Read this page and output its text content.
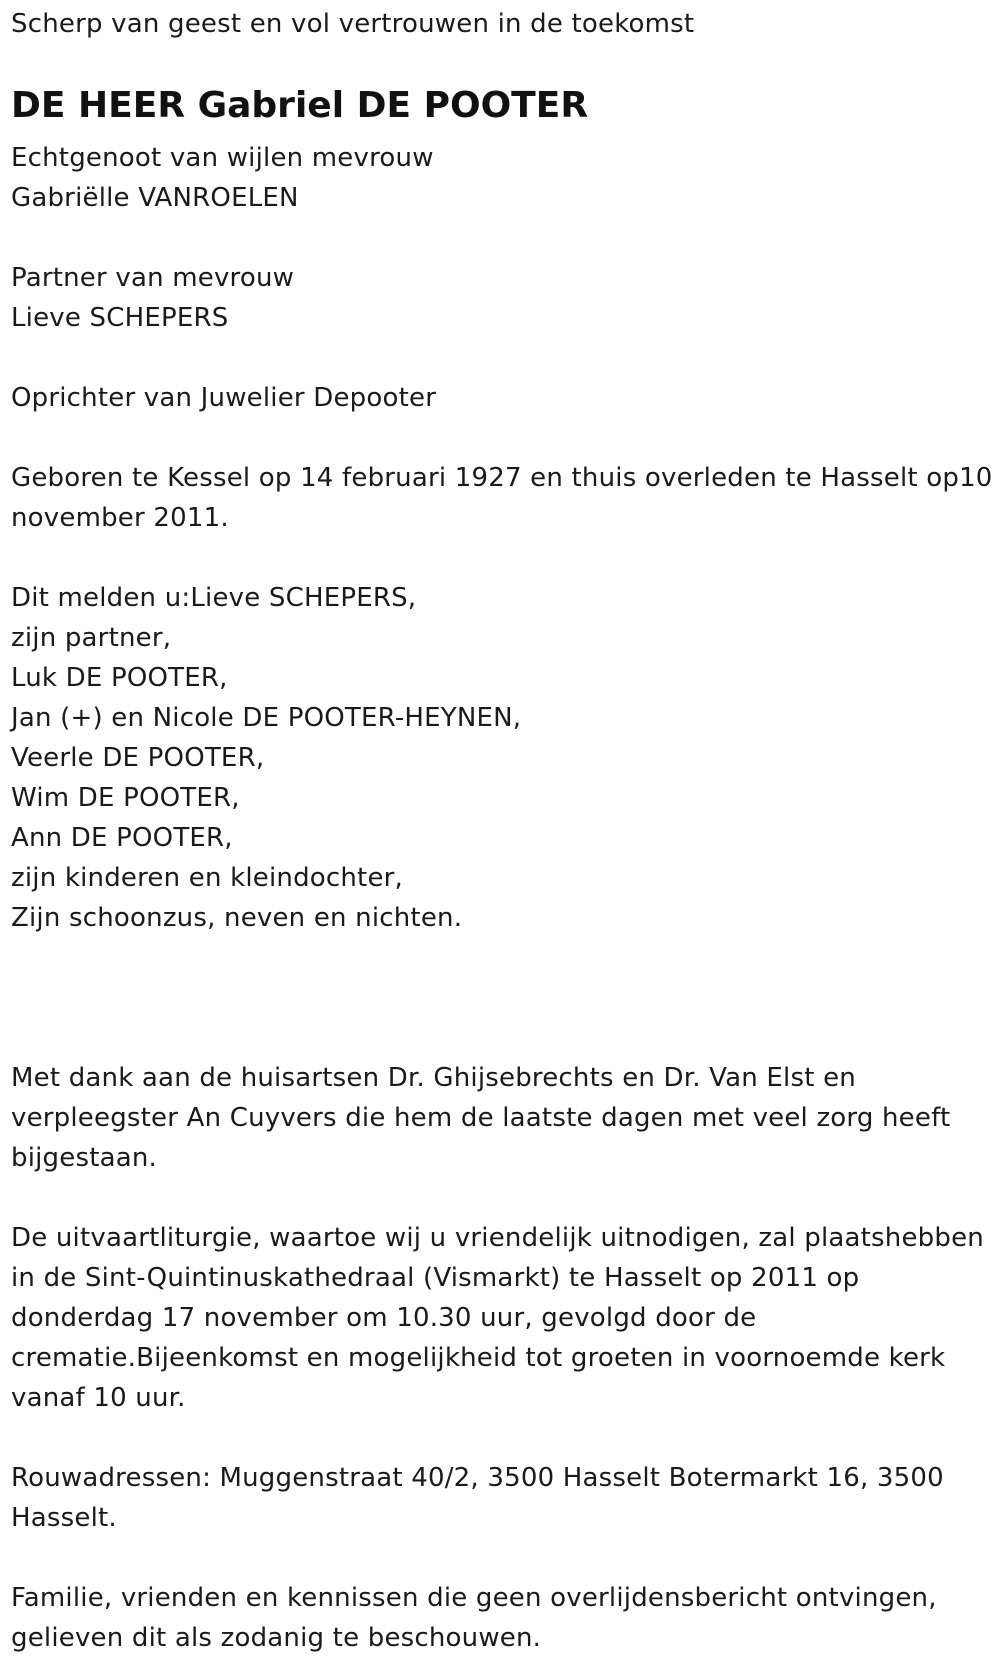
Scherp van geest en vol vertrouwen in de toekomst
DE HEER Gabriel DE POOTER
Echtgenoot van wijlen mevrouw
Gabriëlle VANROELEN
Partner van mevrouw
Lieve SCHEPERS
Oprichter van Juwelier Depooter
Geboren te Kessel op 14 februari 1927 en thuis overleden te Hasselt op10
november 2011.
Dit melden u:Lieve SCHEPERS,
zijn partner,
Luk DE POOTER,
Jan (+) en Nicole DE POOTER-HEYNEN,
Veerle DE POOTER,
Wim DE POOTER,
Ann DE POOTER,
zijn kinderen en kleindochter,
Zijn schoonzus, neven en nichten.
Met dank aan de huisartsen Dr. Ghijsebrechts en Dr. Van Elst en
verpleegster An Cuyvers die hem de laatste dagen met veel zorg heeft
bijgestaan.
De uitvaartliturgie, waartoe wij u vriendelijk uitnodigen, zal plaatshebben
in de Sint-Quintinuskathedraal (Vismarkt) te Hasselt op 2011 op
donderdag 17 november om 10.30 uur, gevolgd door de
crematie.Bijeenkomst en mogelijkheid tot groeten in voornoemde kerk
vanaf 10 uur.
Rouwadressen: Muggenstraat 40/2, 3500 Hasselt Botermarkt 16, 3500
Hasselt.
Familie, vrienden en kennissen die geen overlijdensbericht ontvingen,
gelieven dit als zodanig te beschouwen.
